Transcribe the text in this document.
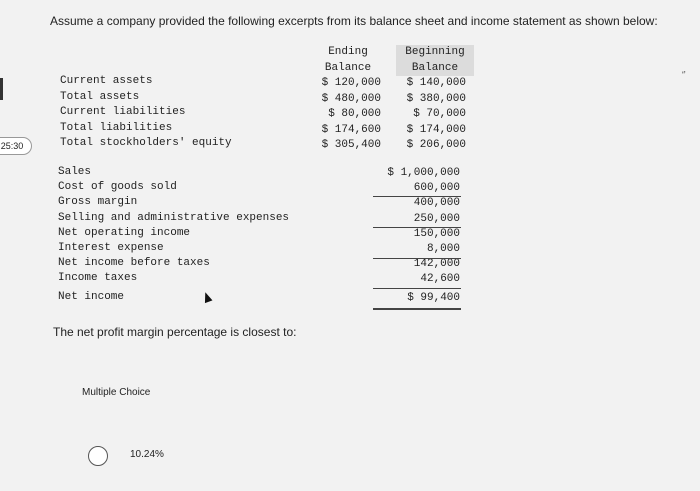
25:30
'ʼ
Assume a company provided the following excerpts from its balance sheet and income statement as shown below:
Ending
Balance
Beginning
Balance
Current assets
Total assets
Current liabilities
Total liabilities
Total stockholders' equity
$ 120,000
$ 480,000
$ 80,000
$ 174,600
$ 305,400
$ 140,000
$ 380,000
$ 70,000
$ 174,000
$ 206,000
Sales
Cost of goods sold
Gross margin
Selling and administrative expenses
Net operating income
Interest expense
Net income before taxes
Income taxes
Net income
$ 1,000,000
600,000
400,000
250,000
150,000
8,000
142,000
42,600
$ 99,400
The net profit margin percentage is closest to:
Multiple Choice
10.24%
